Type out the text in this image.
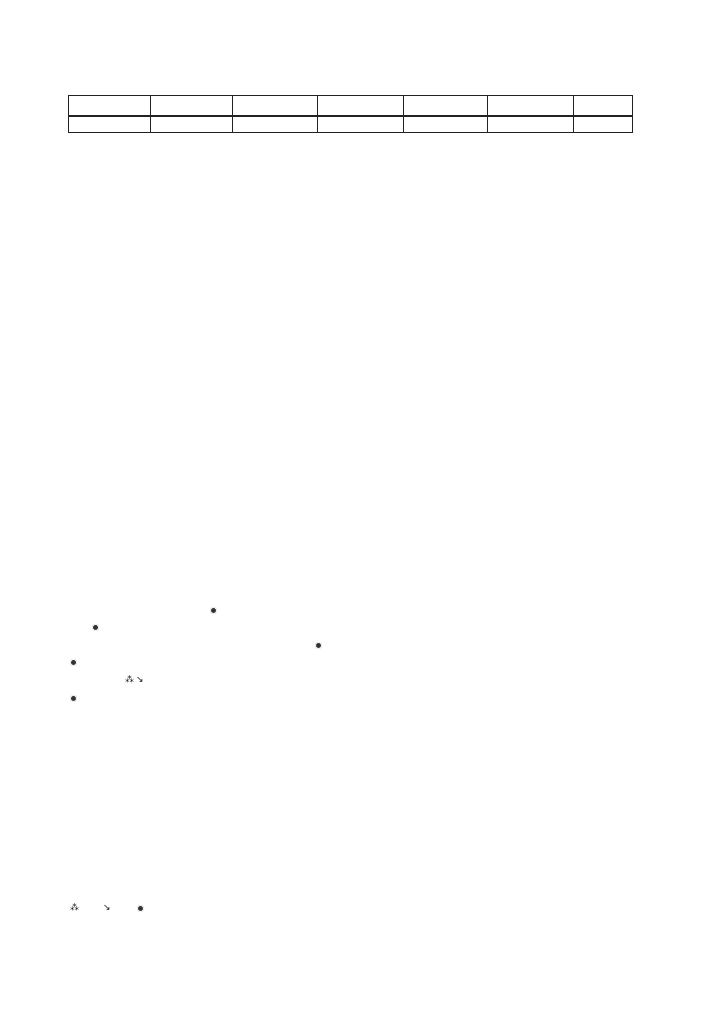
⁂ ↘
⁂	↘
